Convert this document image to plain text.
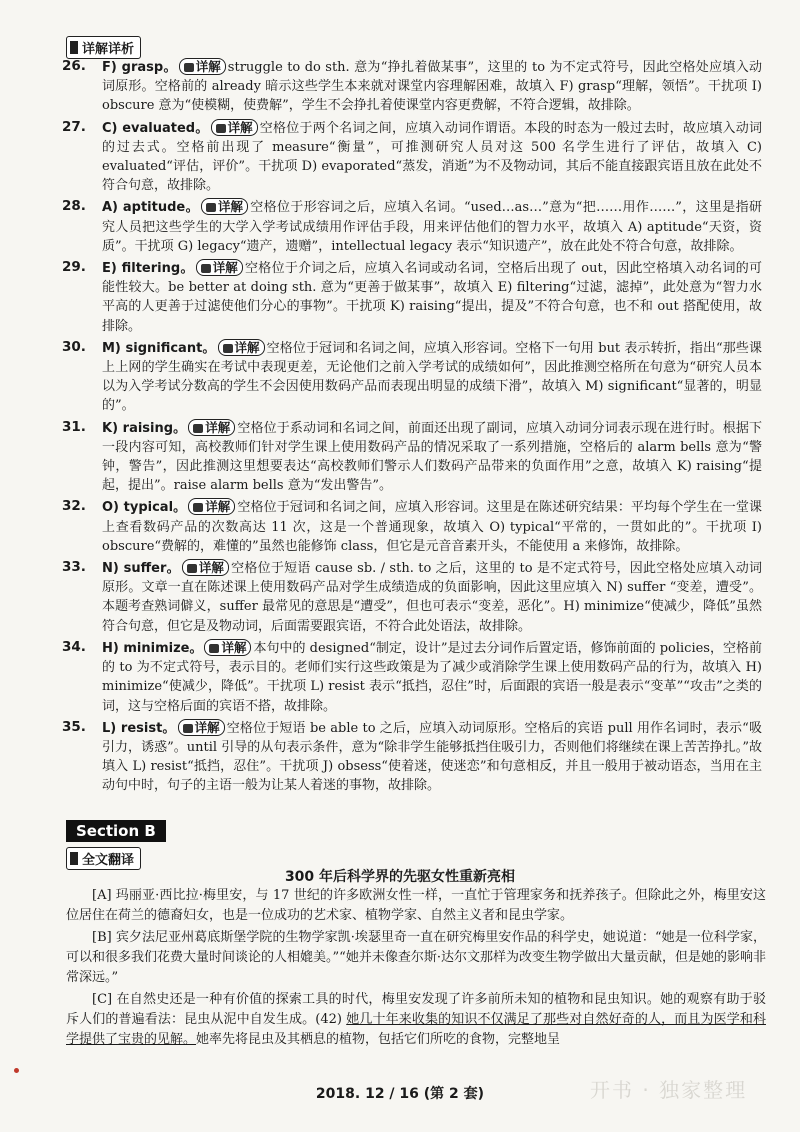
详解详析
26. F) grasp。 详解 struggle to do sth. 意为“挣扎着做某事”，这里的 to 为不定式符号，因此空格处应填入动词原形。空格前的 already 暗示这些学生本来就对课堂内容理解困难，故填入 F) grasp“理解，领悟”。干扰项 I) obscure 意为“使模糊，使费解”，学生不会挣扎着使课堂内容更费解，不符合逻辑，故排除。

27. C) evaluated。 详解 空格位于两个名词之间，应填入动词作谓语。本段的时态为一般过去时，故应填入动词的过去式。空格前出现了 measure“衡量”，可推测研究人员对这 500 名学生进行了评估，故填入 C) evaluated“评估，评价”。干扰项 D) evaporated“蒸发，消逝”为不及物动词，其后不能直接跟宾语且放在此处不符合句意，故排除。

28. A) aptitude。 详解 空格位于形容词之后，应填入名词。“used…as…”意为“把……用作……”，这里是指研究人员把这些学生的大学入学考试成绩用作评估手段，用来评估他们的智力水平，故填入 A) aptitude“天资，资质”。干扰项 G) legacy“遗产，遗赠”，intellectual legacy 表示“知识遗产”，放在此处不符合句意，故排除。

29. E) filtering。 详解 空格位于介词之后，应填入名词或动名词，空格后出现了 out，因此空格填入动名词的可能性较大。be better at doing sth. 意为“更善于做某事”，故填入 E) filtering“过滤，滤掉”，此处意为“智力水平高的人更善于过滤使他们分心的事物”。干扰项 K) raising“提出，提及”不符合句意，也不和 out 搭配使用，故排除。

30. M) significant。 详解 空格位于冠词和名词之间，应填入形容词。空格下一句用 but 表示转折，指出“那些课上上网的学生确实在考试中表现更差，无论他们之前入学考试的成绩如何”，因此推测空格所在句意为“研究人员本以为入学考试分数高的学生不会因使用数码产品而表现出明显的成绩下滑”，故填入 M) significant“显著的，明显的”。

31. K) raising。 详解 空格位于系动词和名词之间，前面还出现了副词，应填入动词分词表示现在进行时。根据下一段内容可知，高校教师们针对学生课上使用数码产品的情况采取了一系列措施，空格后的 alarm bells 意为“警钟，警告”，因此推测这里想要表达“高校教师们警示人们数码产品带来的负面作用”之意，故填入 K) raising“提起，提出”。raise alarm bells 意为“发出警告”。

32. O) typical。 详解 空格位于冠词和名词之间，应填入形容词。这里是在陈述研究结果：平均每个学生在一堂课上查看数码产品的次数高达 11 次，这是一个普通现象，故填入 O) typical“平常的，一贯如此的”。干扰项 I) obscure“费解的，难懂的”虽然也能修饰 class，但它是元音音素开头，不能使用 a 来修饰，故排除。

33. N) suffer。 详解 空格位于短语 cause sb. / sth. to 之后，这里的 to 是不定式符号，因此空格处应填入动词原形。文章一直在陈述课上使用数码产品对学生成绩造成的负面影响，因此这里应填入 N) suffer “变差，遭受”。本题考查熟词僻义，suffer 最常见的意思是“遭受”，但也可表示“变差，恶化”。H) minimize“使减少，降低”虽然符合句意，但它是及物动词，后面需要跟宾语，不符合此处语法，故排除。

34. H) minimize。 详解 本句中的 designed“制定，设计”是过去分词作后置定语，修饰前面的 policies，空格前的 to 为不定式符号，表示目的。老师们实行这些政策是为了减少或消除学生课上使用数码产品的行为，故填入 H) minimize“使减少，降低”。干扰项 L) resist 表示“抵挡，忍住”时，后面跟的宾语一般是表示“变革”“攻击”之类的词，这与空格后面的宾语不搭，故排除。

35. L) resist。 详解 空格位于短语 be able to 之后，应填入动词原形。空格后的宾语 pull 用作名词时，表示“吸引力，诱惑”。until 引导的从句表示条件，意为“除非学生能够抵挡住吸引力，否则他们将继续在课上苦苦挣扎。”故填入 L) resist“抵挡，忍住”。干扰项 J) obsess“使着迷，使迷恋”和句意相反，并且一般用于被动语态，当用在主动句中时，句子的主语一般为让某人着迷的事物，故排除。

Section B
全文翻译
300 年后科学界的先驱女性重新亮相

[A] 玛丽亚·西比拉·梅里安，与 17 世纪的许多欧洲女性一样，一直忙于管理家务和抚养孩子。但除此之外，梅里安这位居住在荷兰的德裔妇女，也是一位成功的艺术家、植物学家、自然主义者和昆虫学家。

[B] 宾夕法尼亚州葛底斯堡学院的生物学家凯·埃瑟里奇一直在研究梅里安作品的科学史，她说道：“她是一位科学家，可以和很多我们花费大量时间谈论的人相媲美。”“她并未像查尔斯·达尔文那样为改变生物学做出大量贡献，但是她的影响非常深远。”

[C] 在自然史还是一种有价值的探索工具的时代，梅里安发现了许多前所未知的植物和昆虫知识。她的观察有助于驳斥人们的普遍看法：昆虫从泥中自发生成。(42) 她几十年来收集的知识不仅满足了那些对自然好奇的人，而且为医学和科学提供了宝贵的见解。她率先将昆虫及其栖息的植物，包括它们所吃的食物，完整地呈

开书 · 独家整理
2018. 12 / 16 (第 2 套)
